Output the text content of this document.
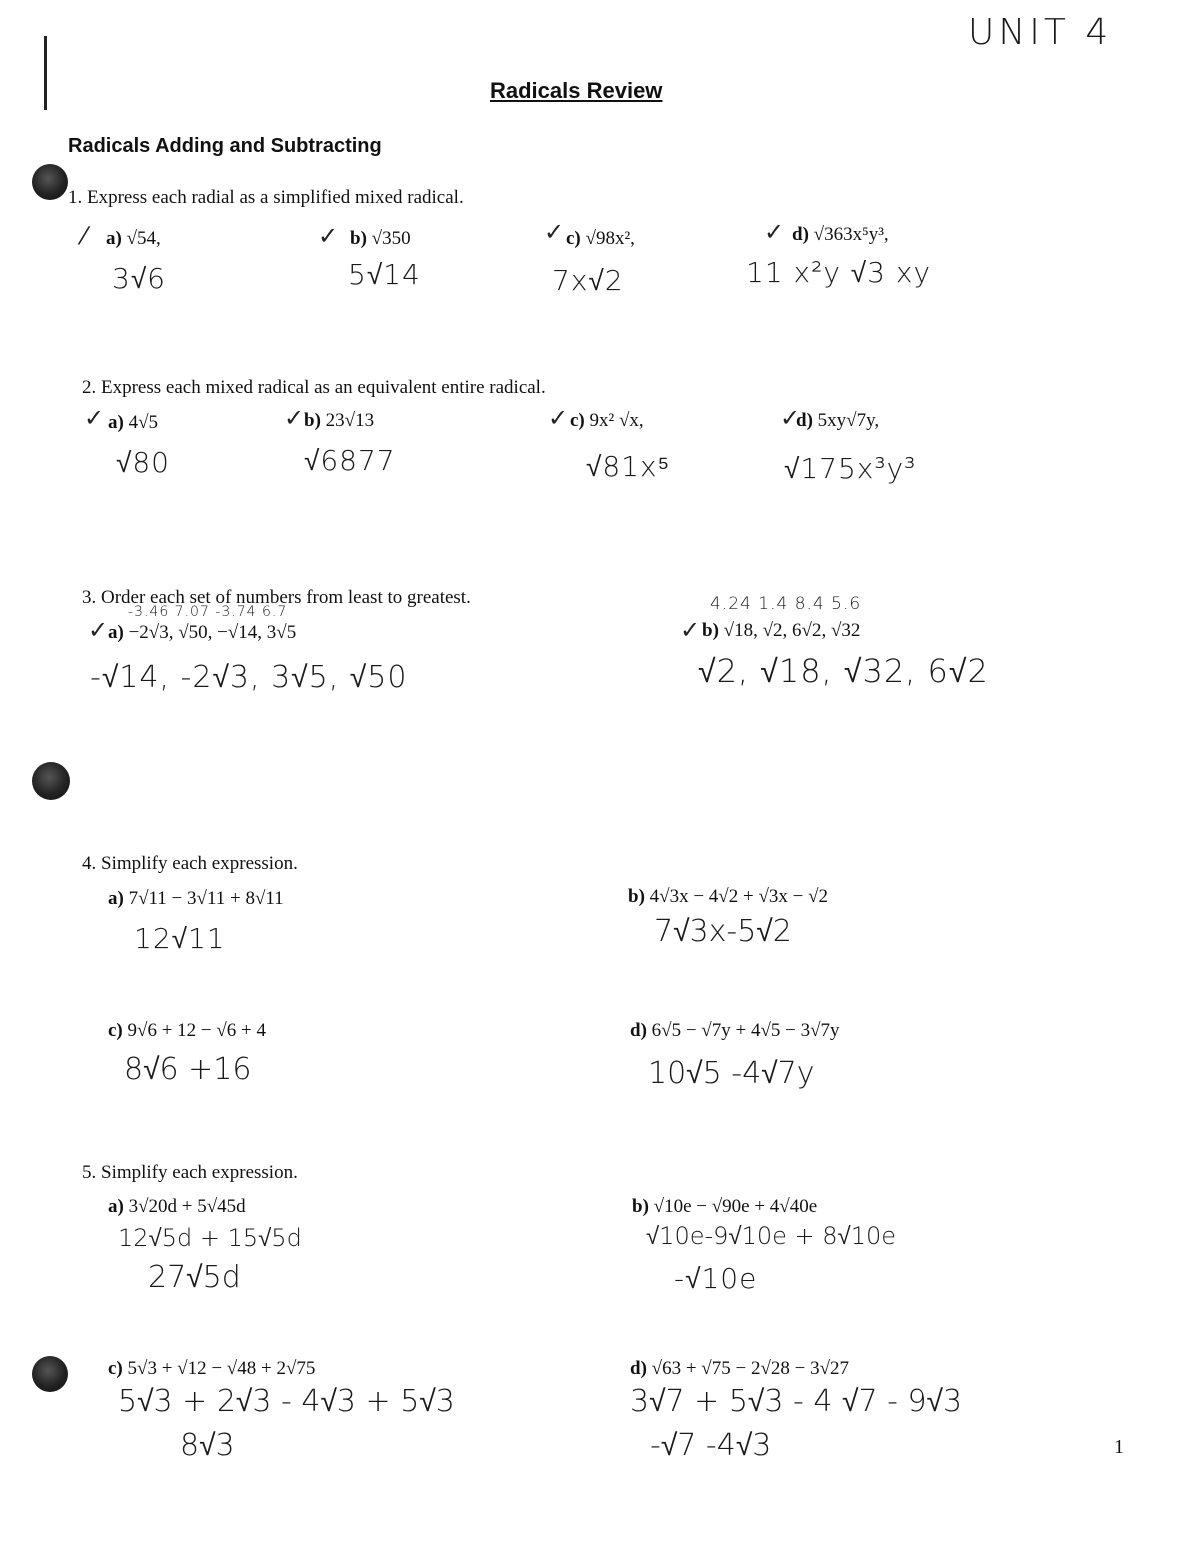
UNIT 4
Radicals Review
Radicals Adding and Subtracting
1. Express each radial as a simplified mixed radical.
⁄ a) √54,
3√6
✓ b) √350
5√14
✓ c) √98x²,
7x√2
✓ d) √363x⁵y³,
11 x²y √3 xy
2. Express each mixed radical as an equivalent entire radical.
✓ a) 4√5
√80
✓ b) 23√13
√6877
✓ c) 9x² √x,
√81x⁵
✓
d) 5xy√7y,
√175x³y³
3. Order each set of numbers from least to greatest.
-3.46 7.07 -3.74 6.7
✓ a) −2√3, √50, −√14, 3√5
-√14, -2√3, 3√5, √50
4.24 1.4 8.4 5.6
✓ b) √18, √2, 6√2, √32
√2, √18, √32, 6√2
4. Simplify each expression.
a) 7√11 − 3√11 + 8√11
12√11
b) 4√3x − 4√2 + √3x − √2
7√3x-5√2
c) 9√6 + 12 − √6 + 4
8√6 +16
d) 6√5 − √7y + 4√5 − 3√7y
10√5 -4√7y
5. Simplify each expression.
a) 3√20d + 5√45d
12√5d + 15√5d
27√5d
b) √10e − √90e + 4√40e
√10e-9√10e + 8√10e
-√10e
c) 5√3 + √12 − √48 + 2√75
5√3 + 2√3 - 4√3 + 5√3
8√3
d) √63 + √75 − 2√28 − 3√27
3√7 + 5√3 - 4 √7 - 9√3
-√7 -4√3	1
